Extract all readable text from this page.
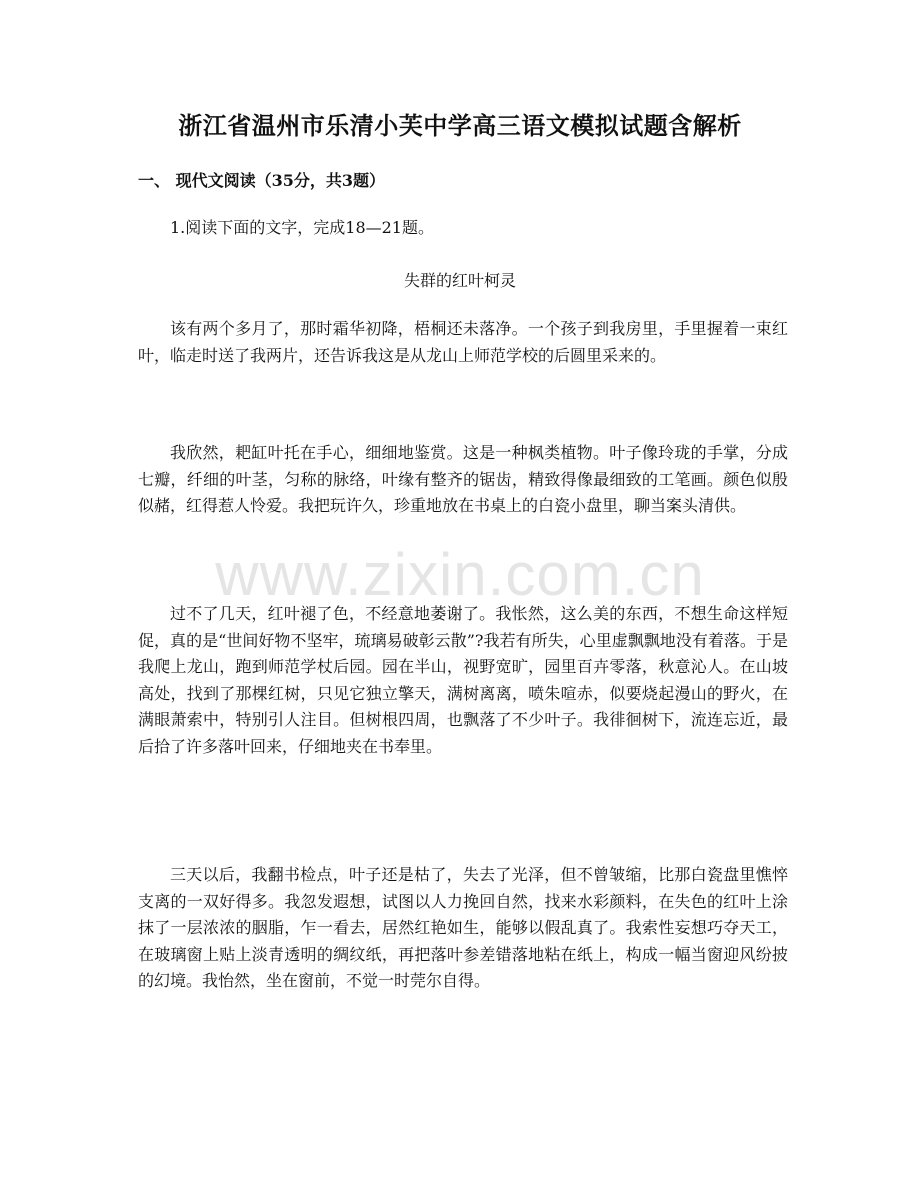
浙江省温州市乐清小芙中学高三语文模拟试题含解析
一、 现代文阅读（35分，共3题）
1.阅读下面的文字，完成18—21题。
失群的红叶柯灵

该有两个多月了，那时霜华初降，梧桐还未落净。一个孩子到我房里，手里握着一束红叶，临走时送了我两片，还告诉我这是从龙山上师范学校的后圆里采来的。

我欣然，耙缸叶托在手心，细细地鉴赏。这是一种枫类植物。叶子像玲珑的手掌，分成七瓣，纤细的叶茎，匀称的脉络，叶缘有整齐的锯齿，精致得像最细致的工笔画。颜色似殷似赭，红得惹人怜爱。我把玩许久，珍重地放在书桌上的白瓷小盘里，聊当案头清供。

过不了几天，红叶褪了色，不经意地萎谢了。我怅然，这么美的东西，不想生命这样短促，真的是“世间好物不坚牢，琉璃易破彰云散”?我若有所失，心里虚飘飘地没有着落。于是我爬上龙山，跑到师范学杖后园。园在半山，视野宽旷，园里百卉零落，秋意沁人。在山坡高处，找到了那棵红树，只见它独立擎天，满树离离，喷朱喧赤，似要烧起漫山的野火，在满眼萧索中，特别引人注目。但树根四周，也飘落了不少叶子。我徘徊树下，流连忘近，最后拾了许多落叶回来，仔细地夹在书奉里。

三天以后，我翻书检点，叶子还是枯了，失去了光泽，但不曾皱缩，比那白瓷盘里憔悴支离的一双好得多。我忽发遐想，试图以人力挽回自然，找来水彩颜料，在失色的红叶上涂抹了一层浓浓的胭脂，乍一看去，居然红艳如生，能够以假乱真了。我索性妄想巧夺天工，在玻璃窗上贴上淡青透明的绸纹纸，再把落叶参差错落地粘在纸上，构成一幅当窗迎风纷披的幻境。我怡然，坐在窗前，不觉一时莞尔自得。

www.zixin.com.cn
